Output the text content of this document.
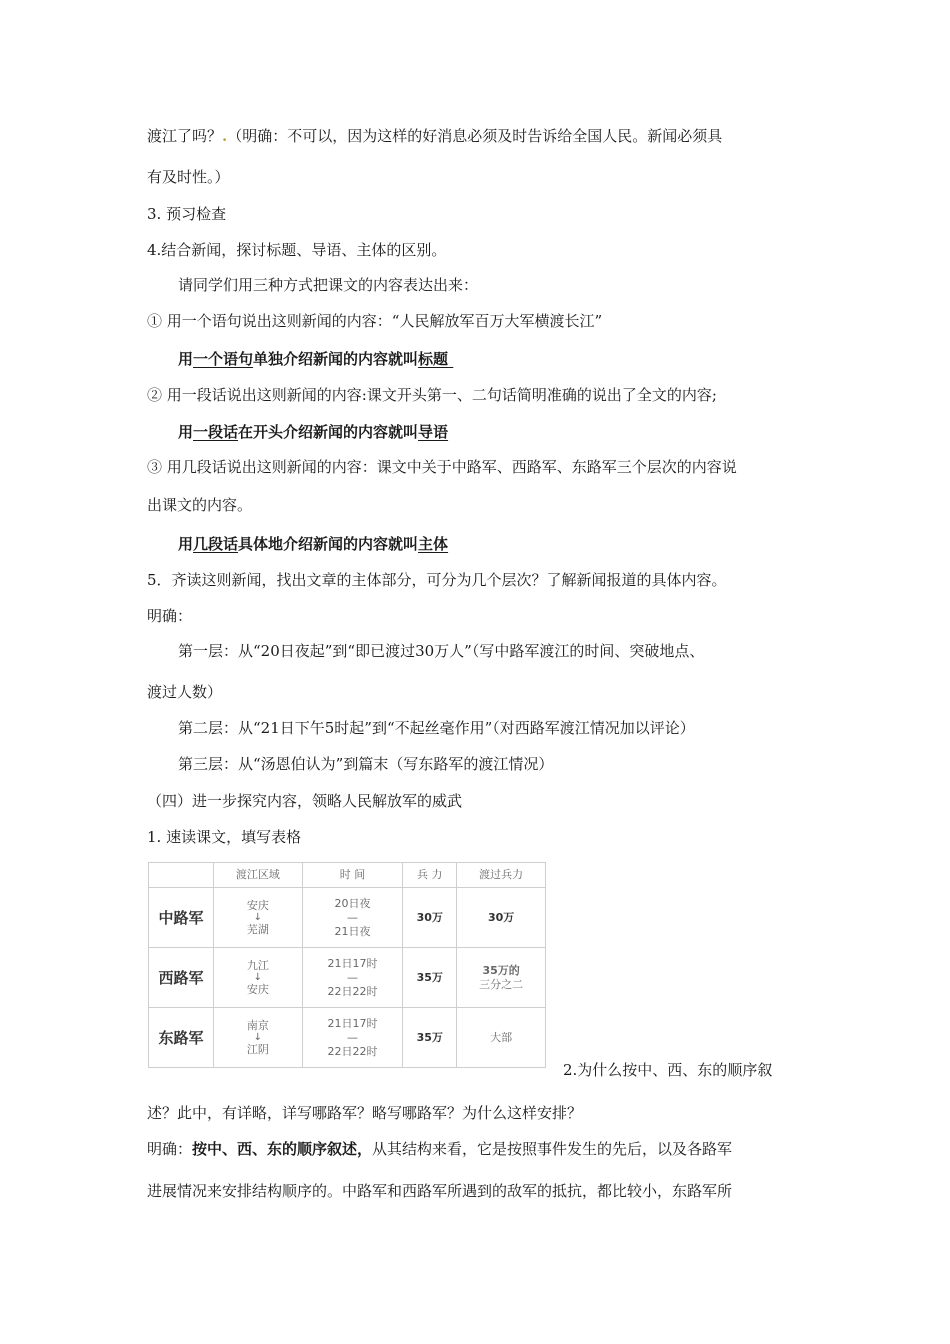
渡江了吗？.（明确：不可以，因为这样的好消息必须及时告诉给全国人民。新闻必须具
有及时性。）
3. 预习检查
4.结合新闻，探讨标题、导语、主体的区别。
请同学们用三种方式把课文的内容表达出来：
① 用一个语句说出这则新闻的内容：“人民解放军百万大军横渡长江”
用一个语句单独介绍新闻的内容就叫标题
② 用一段话说出这则新闻的内容:课文开头第一、二句话简明准确的说出了全文的内容;
用一段话在开头介绍新闻的内容就叫导语
③ 用几段话说出这则新闻的内容：课文中关于中路军、西路军、东路军三个层次的内容说
出课文的内容。
用几段话具体地介绍新闻的内容就叫主体
5．齐读这则新闻，找出文章的主体部分，可分为几个层次？了解新闻报道的具体内容。
明确：
第一层：从“20日夜起”到“即已渡过30万人”（写中路军渡江的时间、突破地点、
渡过人数）
第二层：从“21日下午5时起”到“不起丝毫作用”（对西路军渡江情况加以评论）
第三层：从“汤恩伯认为”到篇末（写东路军的渡江情况）
（四）进一步探究内容，领略人民解放军的威武
1. 速读课文，填写表格
	渡江区域	时 间	兵 力	渡过兵力
中路军	安庆
↓
芜湖	20日夜
—
21日夜	30万	30万
西路军	九江
↓
安庆	21日17时
—
22日22时	35万	35万的
三分之二
东路军	南京
↓
江阴	21日17时
—
22日22时	35万	大部
2.为什么按中、西、东的顺序叙
述？此中，有详略，详写哪路军？略写哪路军？为什么这样安排？
明确：按中、西、东的顺序叙述，从其结构来看，它是按照事件发生的先后，以及各路军
进展情况来安排结构顺序的。中路军和西路军所遇到的敌军的抵抗，都比较小，东路军所
